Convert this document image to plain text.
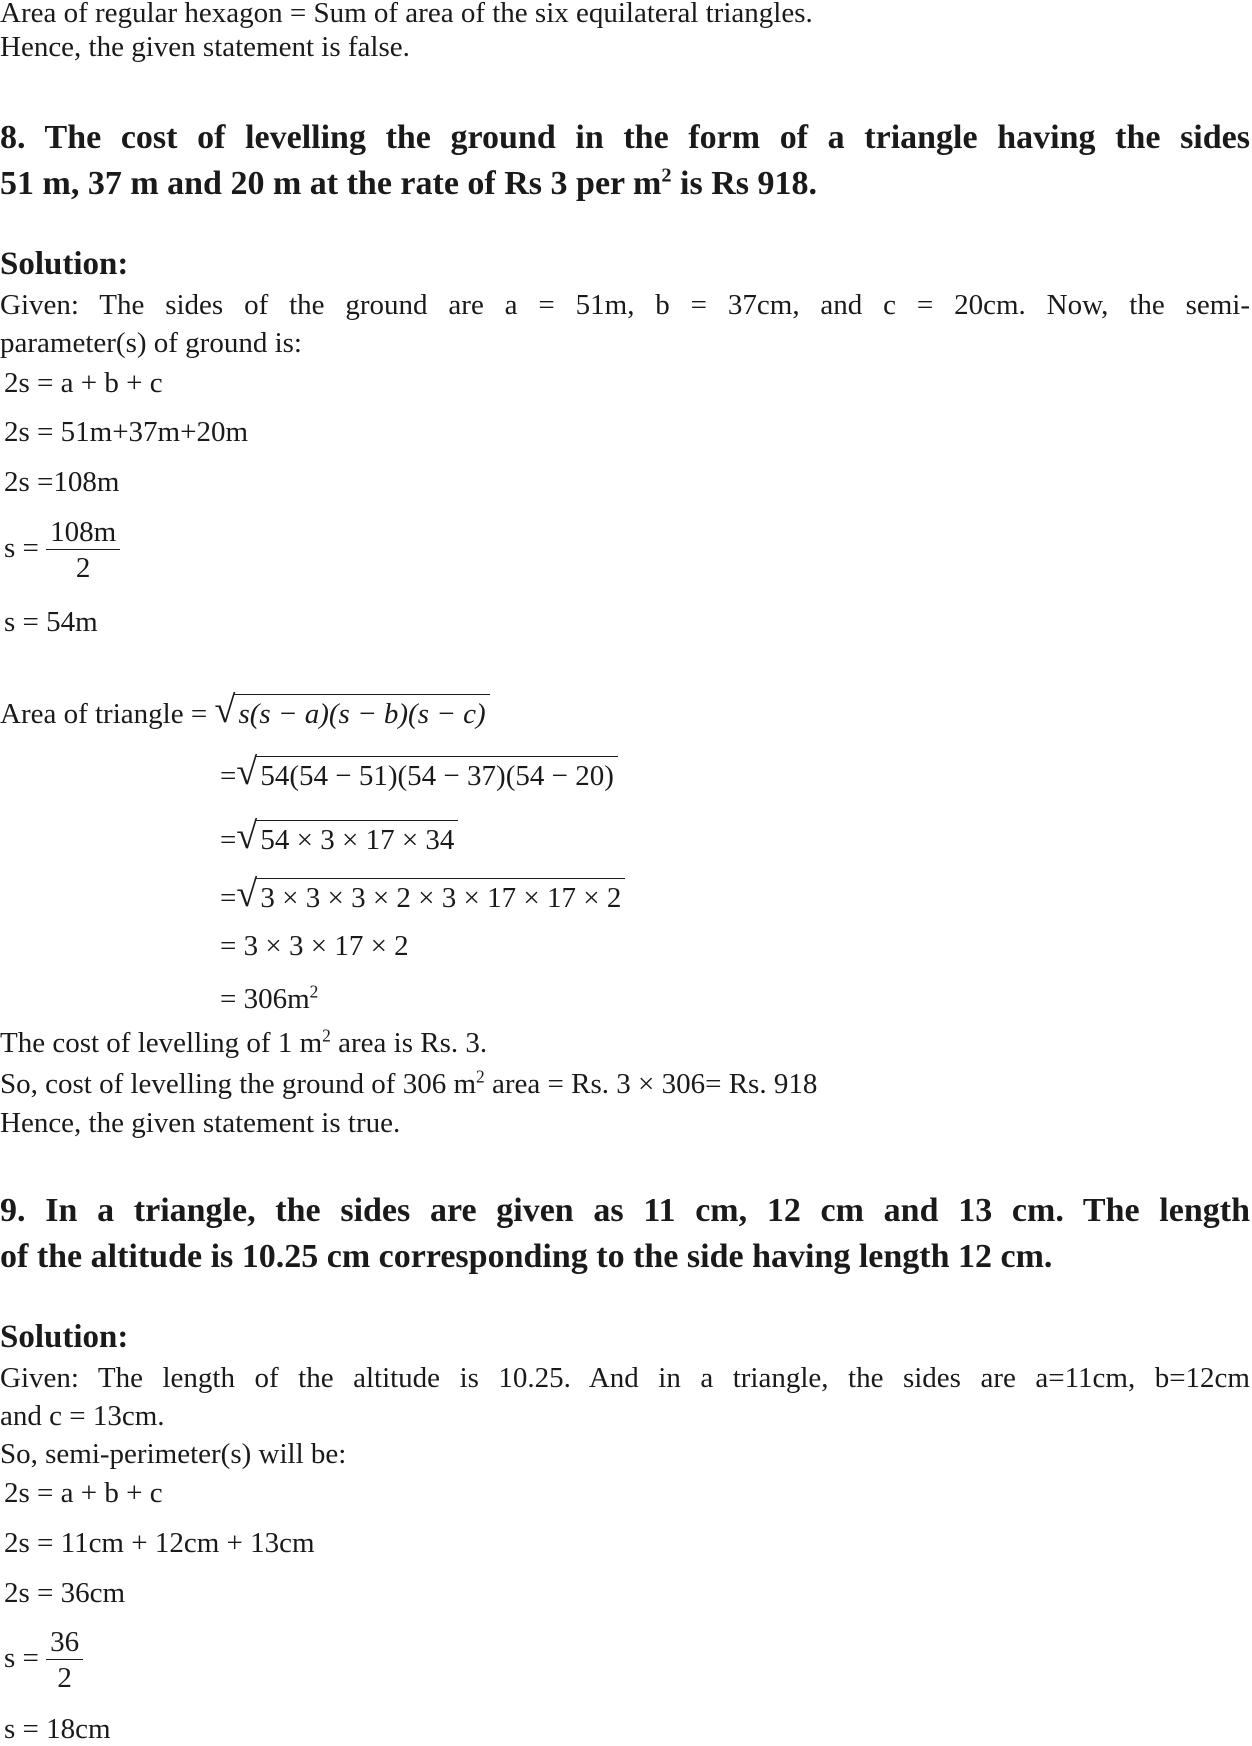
Area of regular hexagon = Sum of area of the six equilateral triangles.
Hence, the given statement is false.
8. The cost of levelling the ground in the form of a triangle having the sides
51 m, 37 m and 20 m at the rate of Rs 3 per $m^2$ is Rs 918.
Solution:
Given: The sides of the ground are a = 51m, b = 37cm, and c = 20cm. Now, the semi-
parameter(s) of ground is:
2s = a + b + c
2s = 51m+37m+20m
2s =108m
$s = \frac{108m}{2}$
s = 54m
Area of triangle = √ s(s − a)(s − b)(s − c)
= √ 54(54 − 51)(54 − 37)(54 − 20)
= √ 54 × 3 × 17 × 34
= √ 3 × 3 × 3 × 2 × 3 × 17 × 17 × 2
= 3 × 3 × 17 × 2
= $306m^2$
The cost of levelling of 1 $m^2$ area is Rs. 3.
So, cost of levelling the ground of 306 $m^2$ area = Rs. 3 × 306= Rs. 918
Hence, the given statement is true.
9. In a triangle, the sides are given as 11 cm, 12 cm and 13 cm. The length
of the altitude is 10.25 cm corresponding to the side having length 12 cm.
Solution:
Given: The length of the altitude is 10.25. And in a triangle, the sides are a=11cm, b=12cm
and c = 13cm.
So, semi-perimeter(s) will be:
2s = a + b + c
2s = 11cm + 12cm + 13cm
2s = 36cm
$s = \frac{36}{2}$
s = 18cm
